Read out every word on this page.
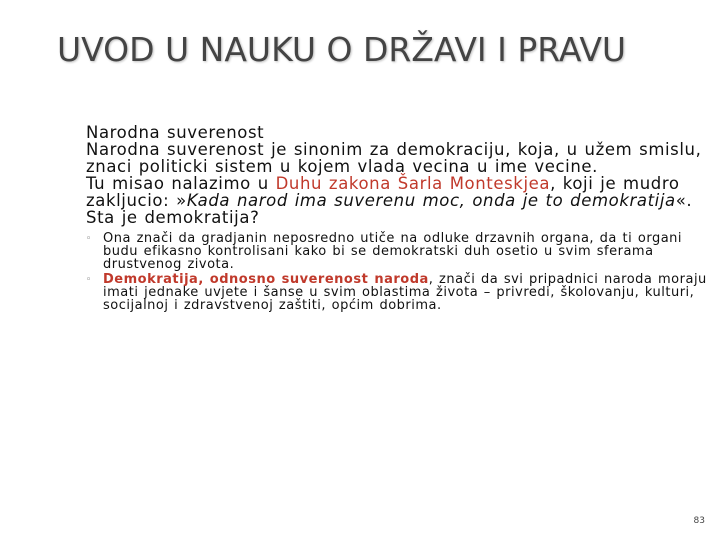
UVOD U NAUKU O DRŽAVI I PRAVU
Narodna suverenost
Narodna suverenost je sinonim za demokraciju, koja, u užem smislu, znaci politicki sistem u kojem vlada vecina u ime vecine.
Tu misao nalazimo u Duhu zakona Šarla Monteskjea, koji je mudro zakljucio: »Kada narod ima suverenu moc, onda je to demokratija«.
Sta je demokratija?
◦ Ona znači da gradjanin neposredno utiče na odluke drzavnih organa, da ti organi budu efikasno kontrolisani kako bi se demokratski duh osetio u svim sferama drustvenog zivota.
◦ Demokratija, odnosno suverenost naroda, znači da svi pripadnici naroda moraju imati jednake uvjete i šanse u svim oblastima života – privredi, školovanju, kulturi, socijalnoj i zdravstvenoj zaštiti, općim dobrima.
83
